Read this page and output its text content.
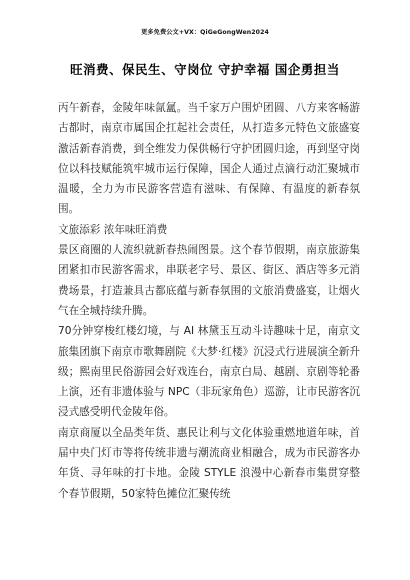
更多免费公文+VX：QiGeGongWen2024
旺消费、保民生、守岗位 守护幸福 国企勇担当

丙午新春，金陵年味氤氲。当千家万户围炉团圆、八方来客畅游古都时，南京市属国企扛起社会责任，从打造多元特色文旅盛宴激活新春消费，到全维发力保供畅行守护团圆归途，再到坚守岗位以科技赋能筑牢城市运行保障，国企人通过点滴行动汇聚城市温暖，全力为市民游客营造有滋味、有保障、有温度的新春氛围。

文旅添彩 浓年味旺消费

景区商圈的人流织就新春热闹图景。这个春节假期，南京旅游集团紧扣市民游客需求，串联老字号、景区、街区、酒店等多元消费场景，打造兼具古都底蕴与新春氛围的文旅消费盛宴，让烟火气在全城持续升腾。

70分钟穿梭红楼幻境，与 AI 林黛玉互动斗诗趣味十足，南京文旅集团旗下南京市歌舞剧院《大梦·红楼》沉浸式行进展演全新升级；熙南里民俗游园会好戏连台，南京白局、越剧、京剧等轮番上演，还有非遗体验与 NPC（非玩家角色）巡游，让市民游客沉浸式感受明代金陵年俗。

南京商厦以全品类年货、惠民让利与文化体验重燃地道年味，首届中央门灯市等将传统非遗与潮流商业相融合，成为市民游客办年货、寻年味的打卡地。金陵 STYLE 浪漫中心新春市集贯穿整个春节假期，50家特色摊位汇聚传统
